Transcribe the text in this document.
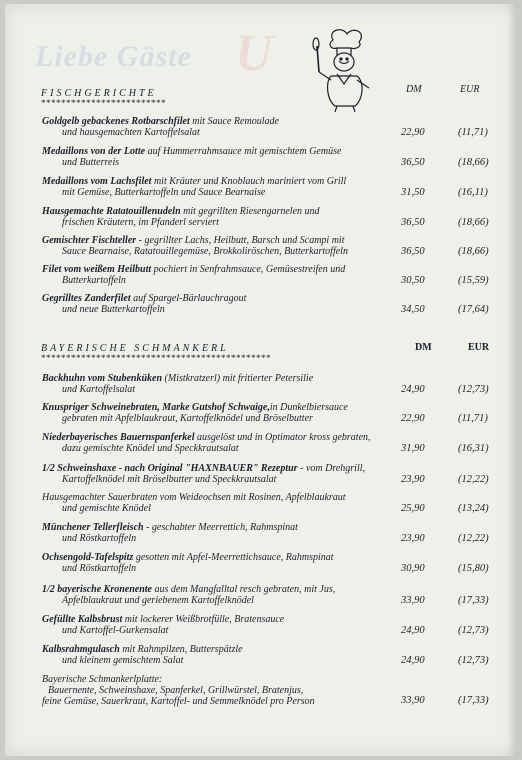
Liebe Gäste U
FISCHGERICHTE
*************************
DM	EUR
Goldgelb gebackenes Rotbarschfilet mit Sauce Remoulade
und hausgemachten Kartoffelsalat	22,90	(11,71)
Medaillons von der Lotte auf Hummerrahmsauce mit gemischtem Gemüse
und Butterreis	36,50	(18,66)
Medaillons vom Lachsfilet mit Kräuter und Knoblauch mariniert vom Grill
mit Gemüse, Butterkartoffeln und Sauce Bearnaise	31,50	(16,11)
Hausgemachte Ratatouillenudeln mit gegrillten Riesengarnelen und
frischen Kräutern, im Pfanderl serviert	36,50	(18,66)
Gemischter Fischteller - gegrillter Lachs, Heilbutt, Barsch und Scampi mit
Sauce Bearnaise, Ratatouillegemüse, Brokkoliröschen, Butterkartoffeln	36,50	(18,66)
Filet vom weißem Heilbutt pochiert in Senfrahmsauce, Gemüsestreifen und
Butterkartoffeln	30,50	(15,59)
Gegrilltes Zanderfilet auf Spargel-Bärlauchragout
und neue Butterkartoffeln	34,50	(17,64)
BAYERISCHE SCHMANKERL
**********************************************
DM	EUR
Backhuhn vom Stubenküken (Mistkratzerl) mit fritierter Petersilie
und Kartoffelsalat	24,90	(12,73)
Knuspriger Schweinebraten, Marke Gutshof Schwaige,in Dunkelbiersauce
gebraten mit Apfelblaukraut, Kartoffelknödel und Bröselbutter	22,90	(11,71)
Niederbayerisches Bauernspanferkel ausgelöst und in Optimator kross gebraten,
dazu gemischte Knödel und Speckkrautsalat	31,90	(16,31)
1/2 Schweinshaxe - nach Original "HAXNBAUER" Rezeptur - vom Drehgrill,
Kartoffelknödel mit Bröselbutter und Speckkrautsalat	23,90	(12,22)
Hausgemachter Sauerbraten vom Weideochsen mit Rosinen, Apfelblaukraut
und gemischte Knödel	25,90	(13,24)
Münchener Tellerfleisch - geschabter Meerrettich, Rahmspinat
und Röstkartoffeln	23,90	(12,22)
Ochsengold-Tafelspitz gesotten mit Apfel-Meerrettichsauce, Rahmspinat
und Röstkartoffeln	30,90	(15,80)
1/2 bayerische Kronenente aus dem Mangfalltal resch gebraten, mit Jus,
Apfelblaukraut und geriebenem Kartoffelknödel	33,90	(17,33)
Gefüllte Kalbsbrust mit lockerer Weißbrotfülle, Bratensauce
und Kartoffel-Gurkensalat	24,90	(12,73)
Kalbsrahmgulasch mit Rahmpilzen, Butterspätzle
und kleinem gemischtem Salat	24,90	(12,73)
Bayerische Schmankerlplatte:
Bauernente, Schweinshaxe, Spanferkel, Grillwürstel, Bratenjus,
feine Gemüse, Sauerkraut, Kartoffel- und Semmelknödel pro Person	33,90	(17,33)
